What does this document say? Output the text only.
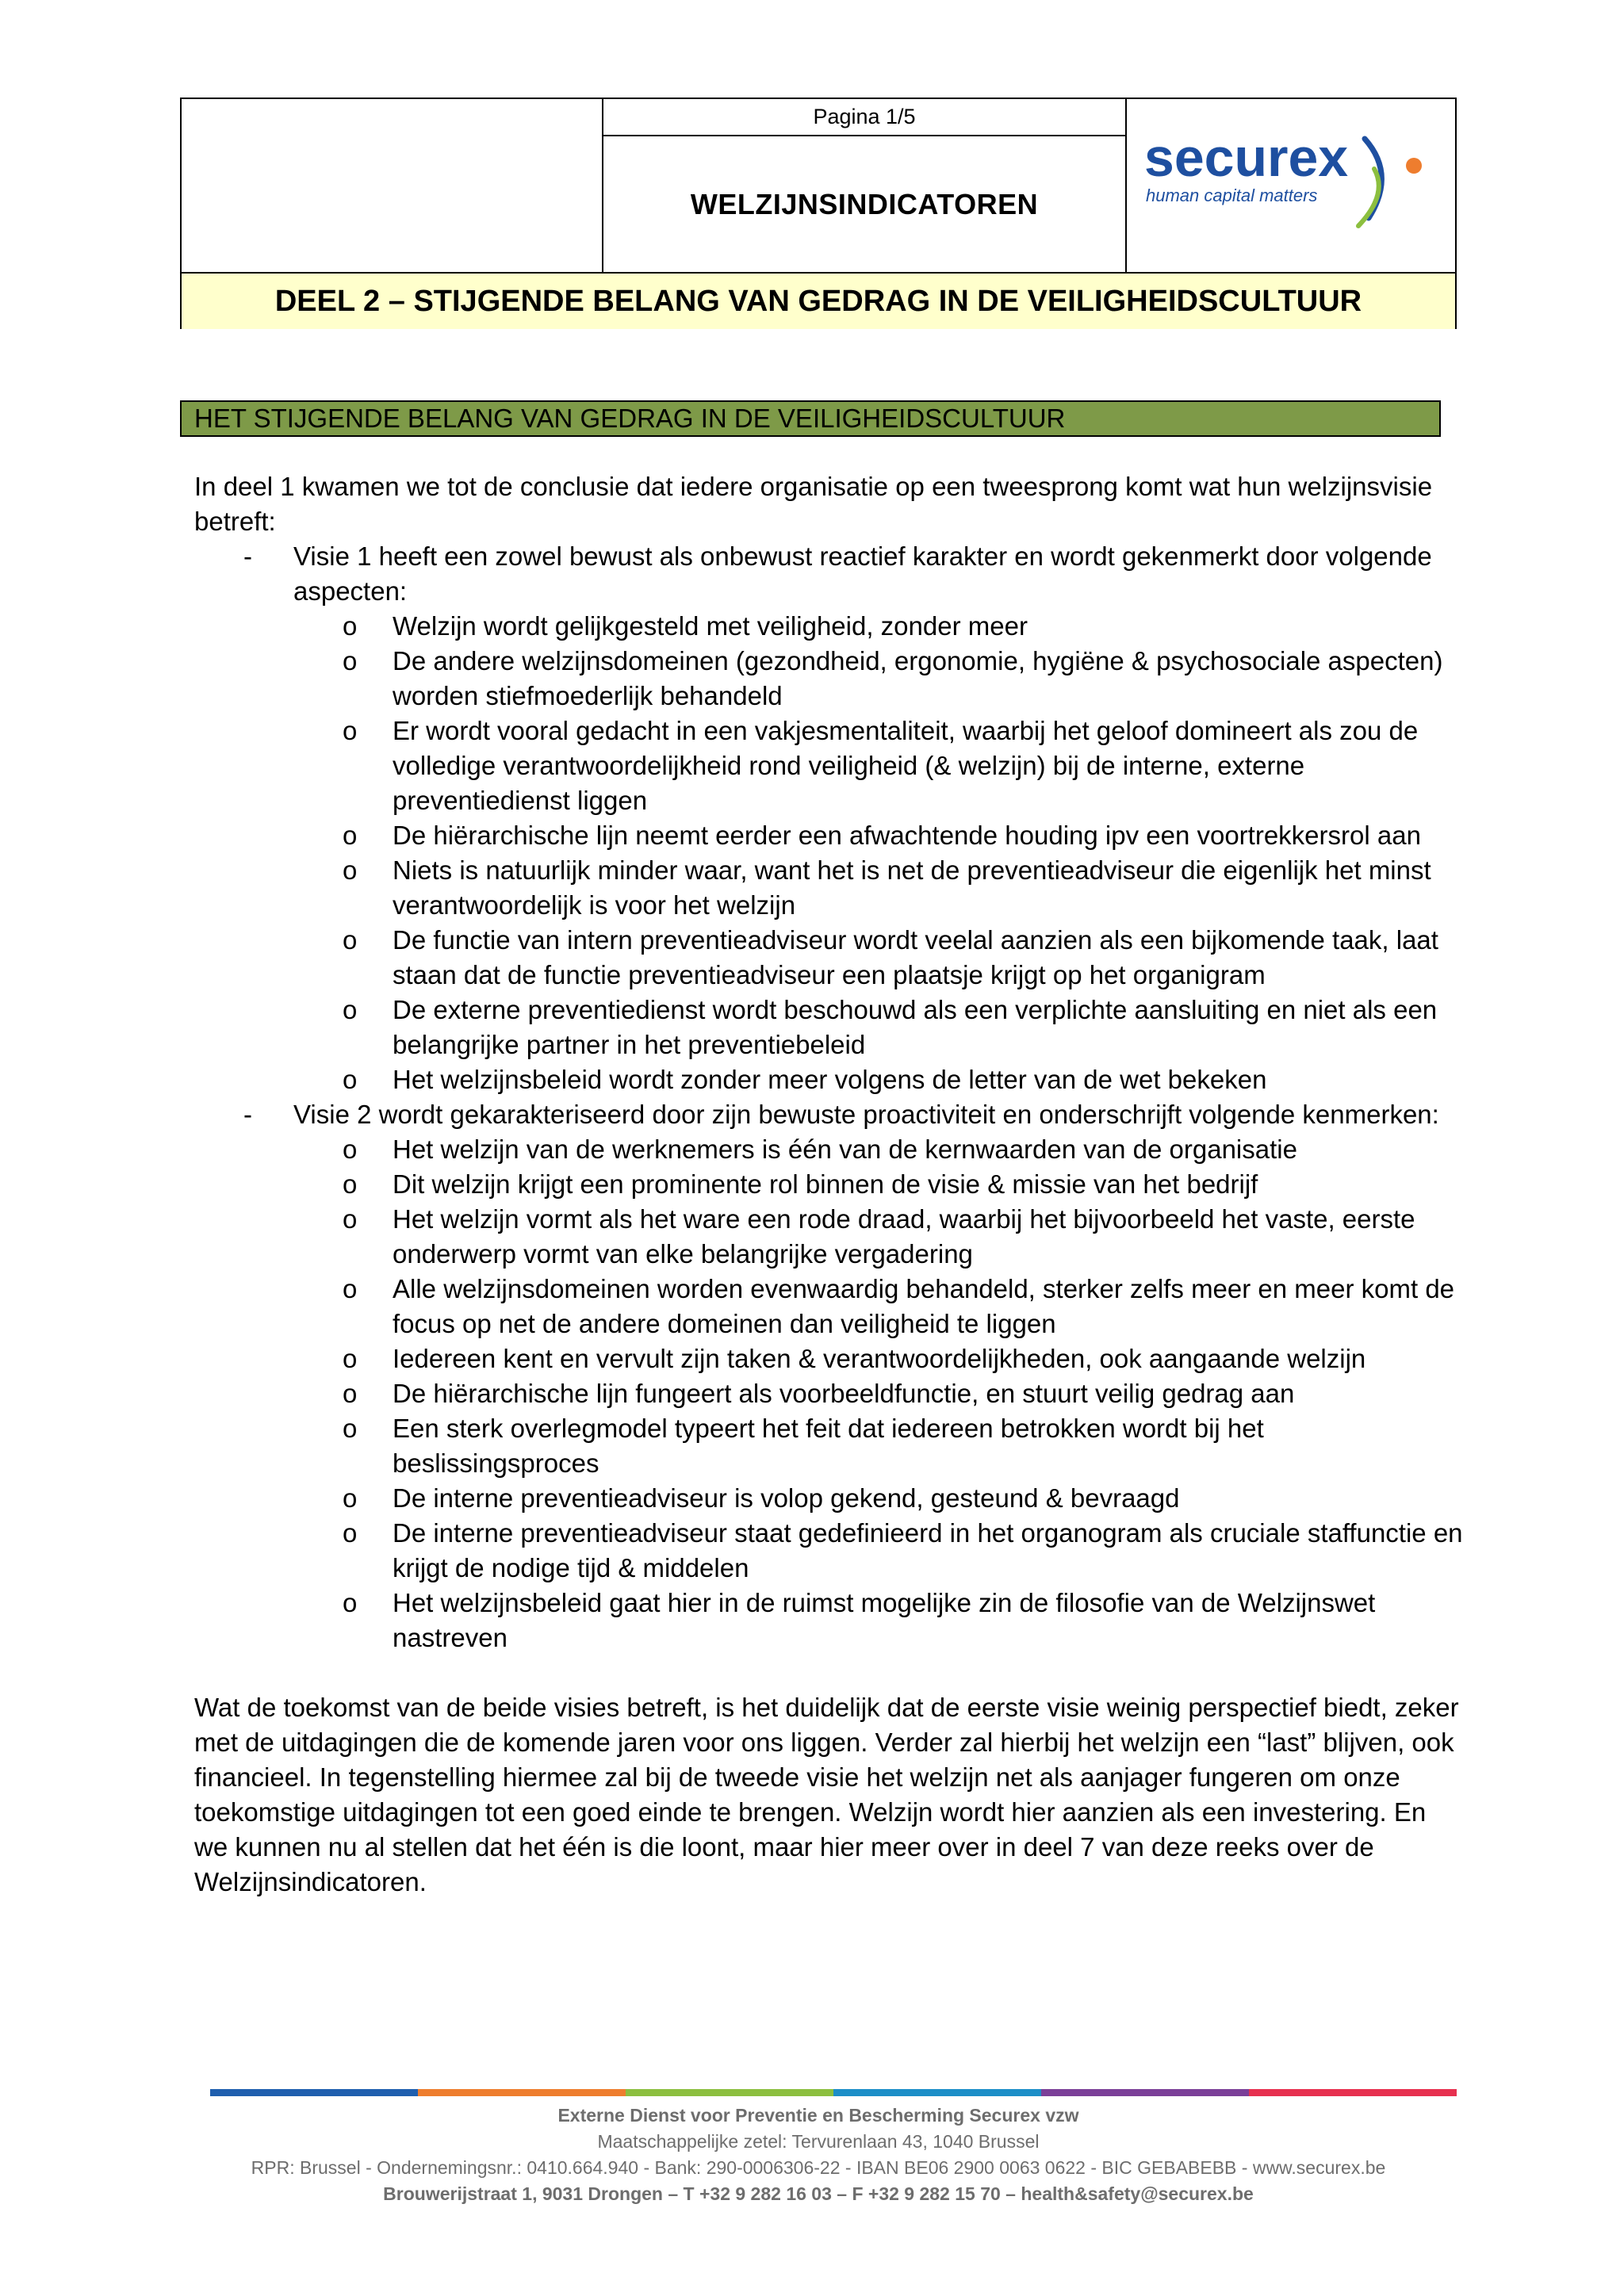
Pagina 1/5
WELZIJNSINDICATOREN
securex
human capital matters
DEEL 2 – STIJGENDE BELANG VAN GEDRAG IN DE VEILIGHEIDSCULTUUR
HET STIJGENDE BELANG VAN GEDRAG IN DE VEILIGHEIDSCULTUUR

In deel 1 kwamen we tot de conclusie dat iedere organisatie op een tweesprong komt wat hun welzijnsvisie betreft:

-	Visie 1 heeft een zowel bewust als onbewust reactief karakter en wordt gekenmerkt door volgende aspecten:
o	Welzijn wordt gelijkgesteld met veiligheid, zonder meer
o	De andere welzijnsdomeinen (gezondheid, ergonomie, hygiëne & psychosociale aspecten) worden stiefmoederlijk behandeld
o	Er wordt vooral gedacht in een vakjesmentaliteit, waarbij het geloof domineert als zou de volledige verantwoordelijkheid rond veiligheid (& welzijn) bij de interne, externe preventiedienst liggen
o	De hiërarchische lijn neemt eerder een afwachtende houding ipv een voortrekkersrol aan
o	Niets is natuurlijk minder waar, want het is net de preventieadviseur die eigenlijk het minst verantwoordelijk is voor het welzijn
o	De functie van intern preventieadviseur wordt veelal aanzien als een bijkomende taak, laat staan dat de functie preventieadviseur een plaatsje krijgt op het organigram
o	De externe preventiedienst wordt beschouwd als een verplichte aansluiting en niet als een belangrijke partner in het preventiebeleid
o	Het welzijnsbeleid wordt zonder meer volgens de letter van de wet bekeken
-	Visie 2 wordt gekarakteriseerd door zijn bewuste proactiviteit en onderschrijft volgende kenmerken:
o	Het welzijn van de werknemers is één van de kernwaarden van de organisatie
o	Dit welzijn krijgt een prominente rol binnen de visie & missie van het bedrijf
o	Het welzijn vormt als het ware een rode draad, waarbij het bijvoorbeeld het vaste, eerste onderwerp vormt van elke belangrijke vergadering
o	Alle welzijnsdomeinen worden evenwaardig behandeld, sterker zelfs meer en meer komt de focus op net de andere domeinen dan veiligheid te liggen
o	Iedereen kent en vervult zijn taken & verantwoordelijkheden, ook aangaande welzijn
o	De hiërarchische lijn fungeert als voorbeeldfunctie, en stuurt veilig gedrag aan
o	Een sterk overlegmodel typeert het feit dat iedereen betrokken wordt bij het beslissingsproces
o	De interne preventieadviseur is volop gekend, gesteund & bevraagd
o	De interne preventieadviseur staat gedefinieerd in het organogram als cruciale staffunctie en krijgt de nodige tijd & middelen
o	Het welzijnsbeleid gaat hier in de ruimst mogelijke zin de filosofie van de Welzijnswet nastreven

Wat de toekomst van de beide visies betreft, is het duidelijk dat de eerste visie weinig perspectief biedt, zeker met de uitdagingen die de komende jaren voor ons liggen. Verder zal hierbij het welzijn een “last” blijven, ook financieel. In tegenstelling hiermee zal bij de tweede visie het welzijn net als aanjager fungeren om onze toekomstige uitdagingen tot een goed einde te brengen. Welzijn wordt hier aanzien als een investering. En we kunnen nu al stellen dat het één is die loont, maar hier meer over in deel 7 van deze reeks over de Welzijnsindicatoren.

Externe Dienst voor Preventie en Bescherming Securex vzw
Maatschappelijke zetel: Tervurenlaan 43, 1040 Brussel
RPR: Brussel - Ondernemingsnr.: 0410.664.940 - Bank: 290-0006306-22 - IBAN BE06 2900 0063 0622 - BIC GEBABEBB - www.securex.be
Brouwerijstraat 1, 9031 Drongen – T +32 9 282 16 03 – F +32 9 282 15 70 – health&safety@securex.be
